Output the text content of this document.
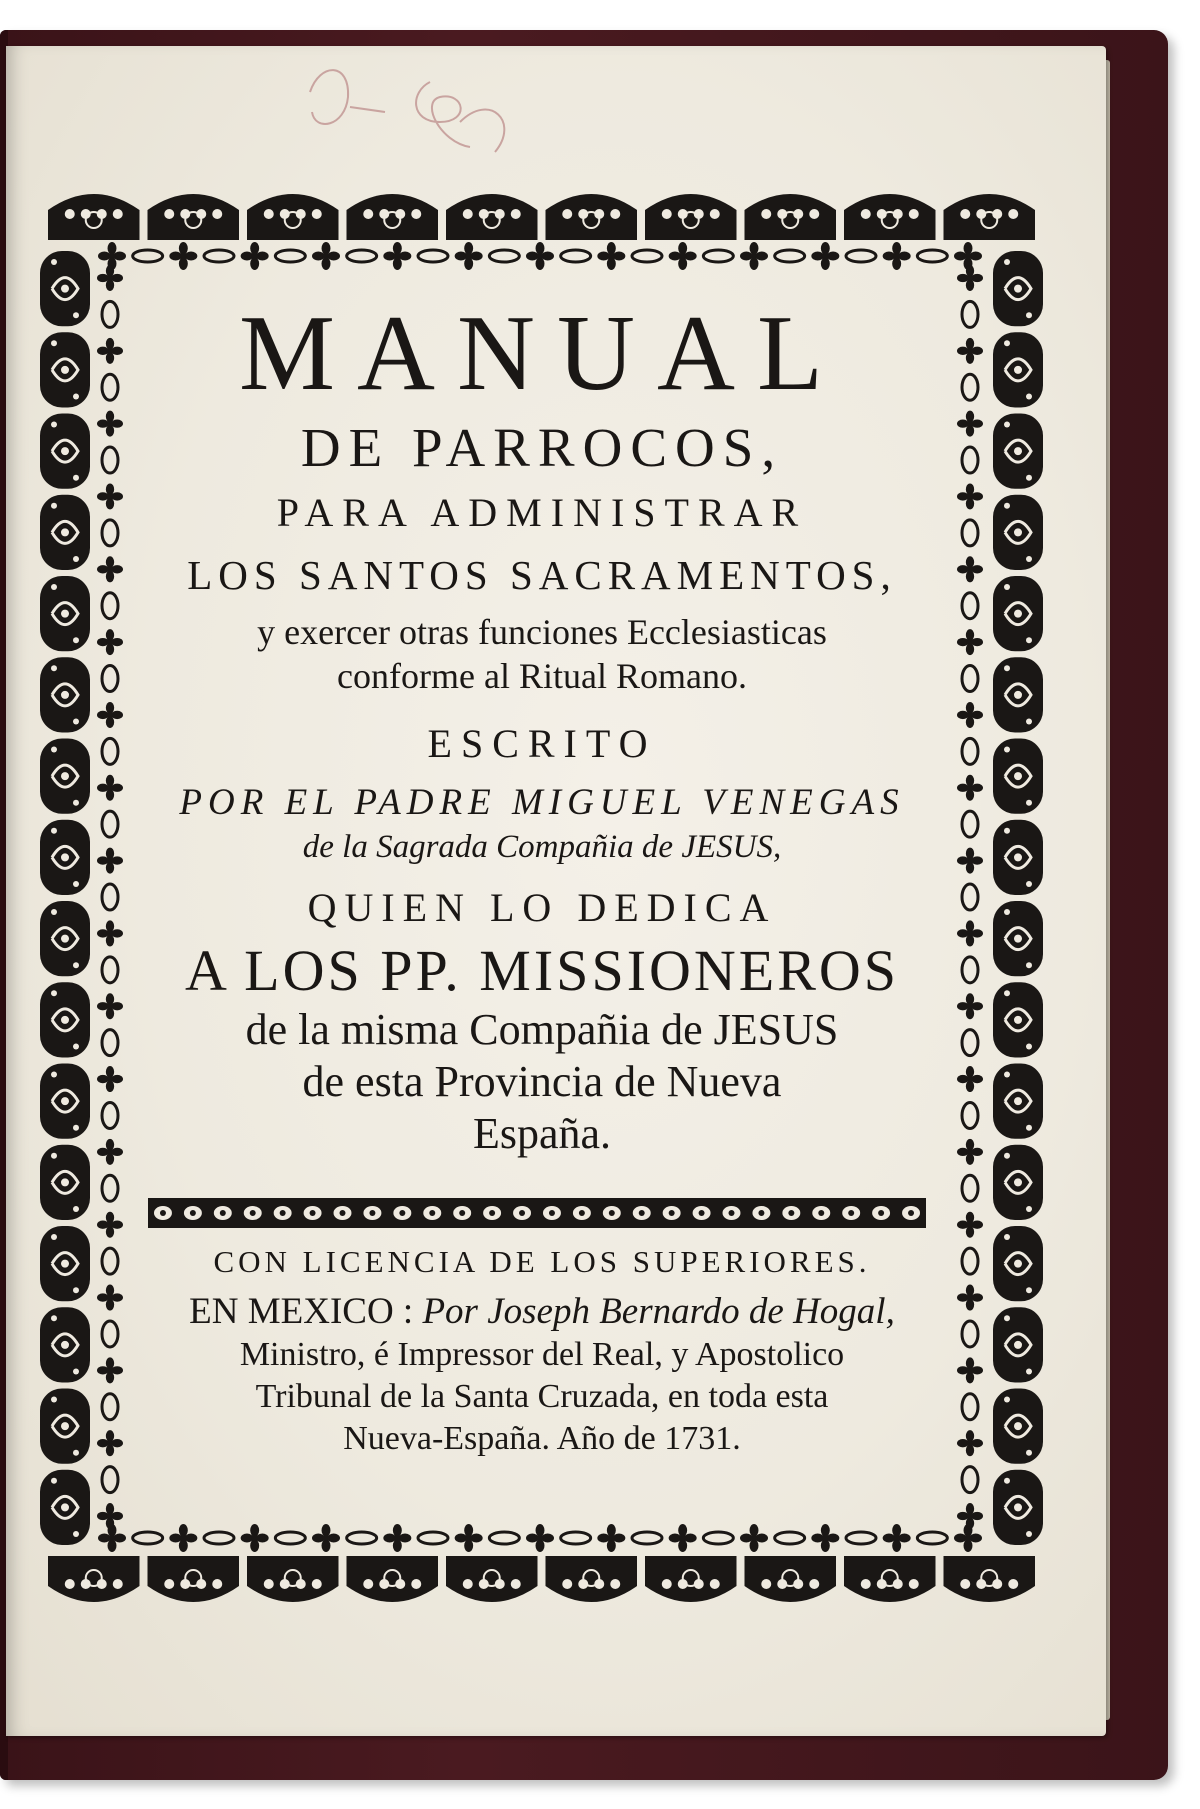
MANUAL
DE PARROCOS,
PARA ADMINISTRAR
LOS SANTOS SACRAMENTOS,
y exercer otras funciones Ecclesiasticas
conforme al Ritual Romano.
ESCRITO
POR EL PADRE MIGUEL VENEGAS
de la Sagrada Compañia de JESUS,
QUIEN LO DEDICA
A LOS PP. MISSIONEROS
de la misma Compañia de JESUS
de esta Provincia de Nueva
España.
CON LICENCIA DE LOS SUPERIORES.
EN MEXICO : Por Joseph Bernardo de Hogal,
Ministro, é Impressor del Real, y Apostolico
Tribunal de la Santa Cruzada, en toda esta
Nueva-España. Año de 1731.
